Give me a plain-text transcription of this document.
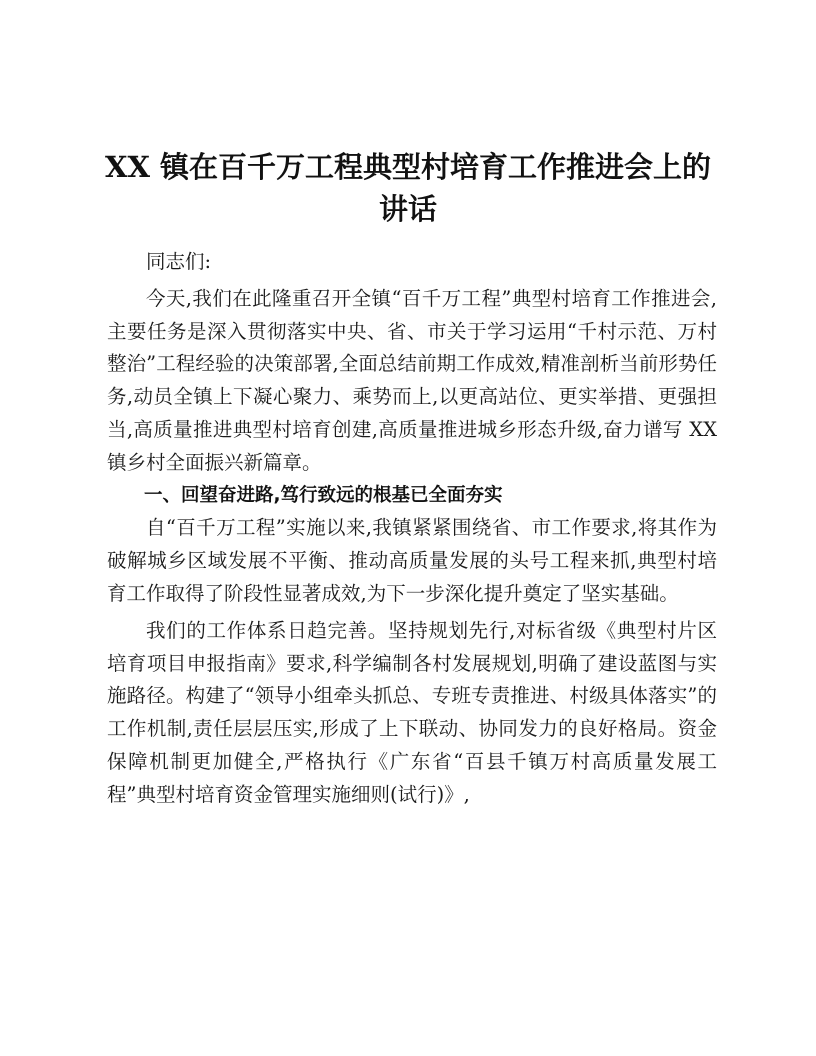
XX 镇在百千万工程典型村培育工作推进会上的
讲话

同志们:

今天,我们在此隆重召开全镇“百千万工程”典型村培育工作推进会,主要任务是深入贯彻落实中央、省、市关于学习运用“千村示范、万村整治”工程经验的决策部署,全面总结前期工作成效,精准剖析当前形势任务,动员全镇上下凝心聚力、乘势而上,以更高站位、更实举措、更强担当,高质量推进典型村培育创建,高质量推进城乡形态升级,奋力谱写 XX 镇乡村全面振兴新篇章。

一、回望奋进路,笃行致远的根基已全面夯实

自“百千万工程”实施以来,我镇紧紧围绕省、市工作要求,将其作为破解城乡区域发展不平衡、推动高质量发展的头号工程来抓,典型村培育工作取得了阶段性显著成效,为下一步深化提升奠定了坚实基础。

我们的工作体系日趋完善。坚持规划先行,对标省级《典型村片区培育项目申报指南》要求,科学编制各村发展规划,明确了建设蓝图与实施路径。构建了“领导小组牵头抓总、专班专责推进、村级具体落实”的工作机制,责任层层压实,形成了上下联动、协同发力的良好格局。资金保障机制更加健全,严格执行《广东省“百县千镇万村高质量发展工程”典型村培育资金管理实施细则(试行)》,
